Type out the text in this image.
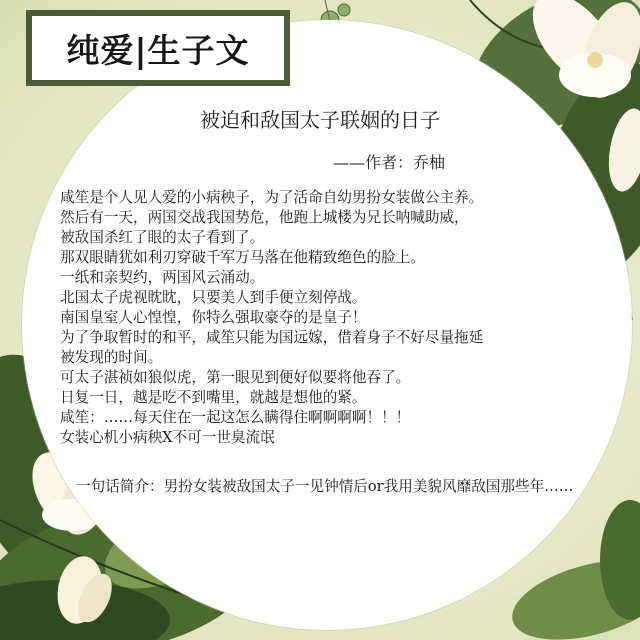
纯爱|生子文
被迫和敌国太子联姻的日子
——作者：乔柚
咸笙是个人见人爱的小病秧子，为了活命自幼男扮女装做公主养。
然后有一天，两国交战我国势危，他跑上城楼为兄长呐喊助威，
被敌国杀红了眼的太子看到了。
那双眼睛犹如利刃穿破千军万马落在他精致绝色的脸上。
一纸和亲契约，两国风云涌动。
北国太子虎视眈眈，只要美人到手便立刻停战。
南国皇室人心惶惶，你特么强取豪夺的是皇子！
为了争取暂时的和平，咸笙只能为国远嫁，借着身子不好尽量拖延
被发现的时间。
可太子湛祯如狼似虎，第一眼见到便好似要将他吞了。
日复一日，越是吃不到嘴里，就越是想他的紧。
咸笙：……每天住在一起这怎么瞒得住啊啊啊啊！！！
女装心机小病秧X不可一世臭流氓
一句话简介： 男扮女装被敌国太子一见钟情后or我用美貌风靡敌国那些年……
